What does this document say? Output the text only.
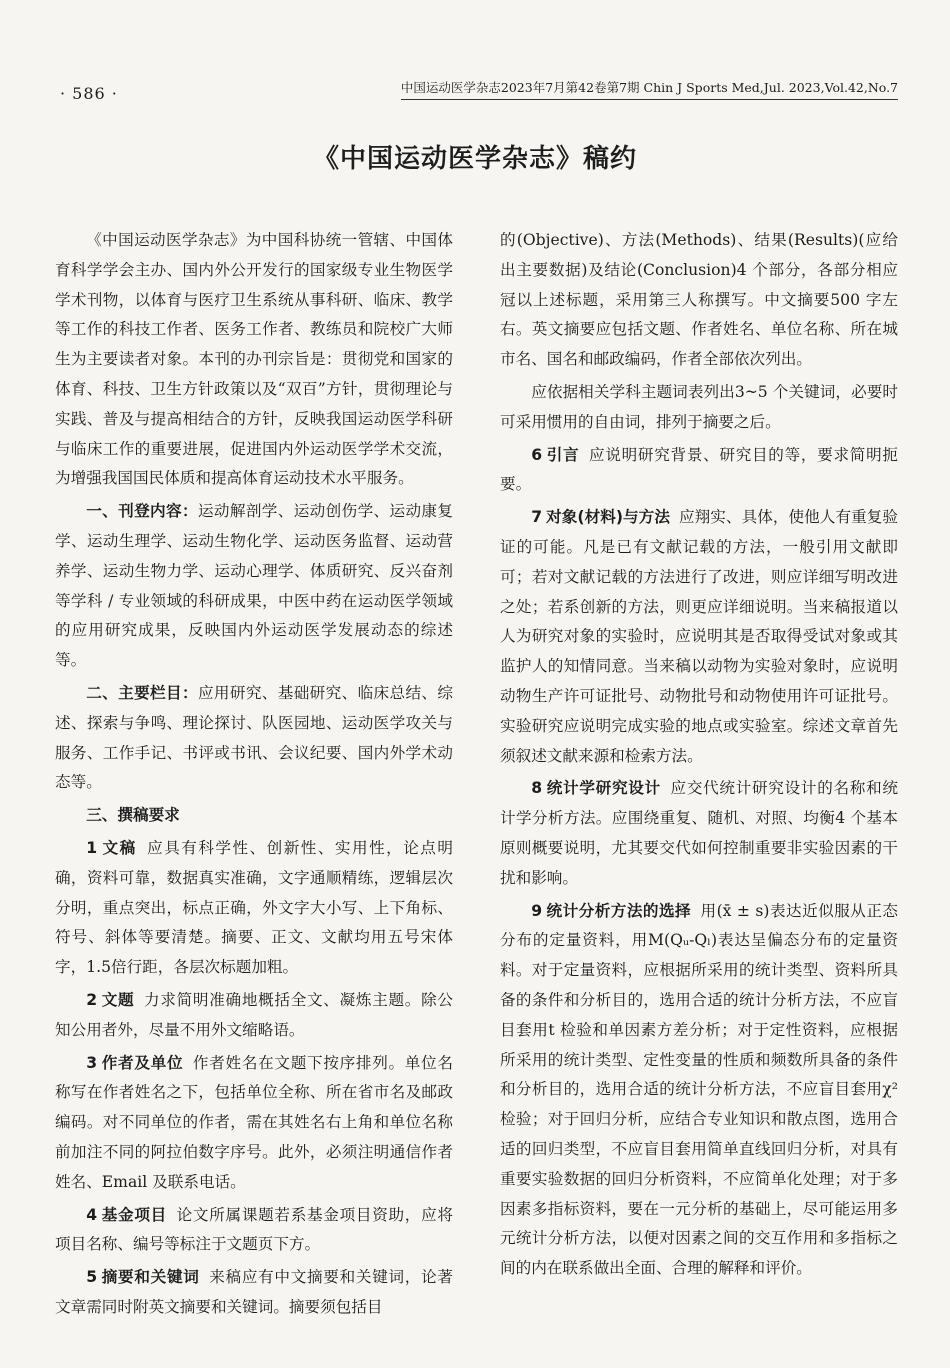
· 586 ·	中国运动医学杂志2023年7月第42卷第7期 Chin J Sports Med,Jul. 2023,Vol.42,No.7
《中国运动医学杂志》稿约

《中国运动医学杂志》为中国科协统一管辖、中国体育科学学会主办、国内外公开发行的国家级专业生物医学学术刊物，以体育与医疗卫生系统从事科研、临床、教学等工作的科技工作者、医务工作者、教练员和院校广大师生为主要读者对象。本刊的办刊宗旨是：贯彻党和国家的体育、科技、卫生方针政策以及“双百”方针，贯彻理论与实践、普及与提高相结合的方针，反映我国运动医学科研与临床工作的重要进展，促进国内外运动医学学术交流，为增强我国国民体质和提高体育运动技术水平服务。

一、刊登内容：运动解剖学、运动创伤学、运动康复学、运动生理学、运动生物化学、运动医务监督、运动营养学、运动生物力学、运动心理学、体质研究、反兴奋剂等学科 / 专业领域的科研成果，中医中药在运动医学领域的应用研究成果，反映国内外运动医学发展动态的综述等。

二、主要栏目：应用研究、基础研究、临床总结、综述、探索与争鸣、理论探讨、队医园地、运动医学攻关与服务、工作手记、书评或书讯、会议纪要、国内外学术动态等。

三、撰稿要求

1 文稿 应具有科学性、创新性、实用性，论点明确，资料可靠，数据真实准确，文字通顺精练，逻辑层次分明，重点突出，标点正确，外文字大小写、上下角标、符号、斜体等要清楚。摘要、正文、文献均用五号宋体字，1.5倍行距，各层次标题加粗。

2 文题 力求简明准确地概括全文、凝炼主题。除公知公用者外，尽量不用外文缩略语。

3 作者及单位 作者姓名在文题下按序排列。单位名称写在作者姓名之下，包括单位全称、所在省市名及邮政编码。对不同单位的作者，需在其姓名右上角和单位名称前加注不同的阿拉伯数字序号。此外，必须注明通信作者姓名、Email 及联系电话。

4 基金项目 论文所属课题若系基金项目资助，应将项目名称、编号等标注于文题页下方。

5 摘要和关键词 来稿应有中文摘要和关键词，论著文章需同时附英文摘要和关键词。摘要须包括目

的(Objective)、方法(Methods)、结果(Results)(应给出主要数据)及结论(Conclusion)4 个部分，各部分相应冠以上述标题，采用第三人称撰写。中文摘要500 字左右。英文摘要应包括文题、作者姓名、单位名称、所在城市名、国名和邮政编码，作者全部依次列出。

应依据相关学科主题词表列出3~5 个关键词，必要时可采用惯用的自由词，排列于摘要之后。

6 引言 应说明研究背景、研究目的等，要求简明扼要。

7 对象(材料)与方法 应翔实、具体，使他人有重复验证的可能。凡是已有文献记载的方法，一般引用文献即可；若对文献记载的方法进行了改进，则应详细写明改进之处；若系创新的方法，则更应详细说明。当来稿报道以人为研究对象的实验时，应说明其是否取得受试对象或其监护人的知情同意。当来稿以动物为实验对象时，应说明动物生产许可证批号、动物批号和动物使用许可证批号。实验研究应说明完成实验的地点或实验室。综述文章首先须叙述文献来源和检索方法。

8 统计学研究设计 应交代统计研究设计的名称和统计学分析方法。应围绕重复、随机、对照、均衡4 个基本原则概要说明，尤其要交代如何控制重要非实验因素的干扰和影响。

9 统计分析方法的选择 用(x̄ ± s)表达近似服从正态分布的定量资料，用M(Qᵤ-Qₗ)表达呈偏态分布的定量资料。对于定量资料，应根据所采用的统计类型、资料所具备的条件和分析目的，选用合适的统计分析方法，不应盲目套用t 检验和单因素方差分析；对于定性资料，应根据所采用的统计类型、定性变量的性质和频数所具备的条件和分析目的，选用合适的统计分析方法，不应盲目套用χ² 检验；对于回归分析，应结合专业知识和散点图，选用合适的回归类型，不应盲目套用简单直线回归分析，对具有重要实验数据的回归分析资料，不应简单化处理；对于多因素多指标资料，要在一元分析的基础上，尽可能运用多元统计分析方法，以便对因素之间的交互作用和多指标之间的内在联系做出全面、合理的解释和评价。
